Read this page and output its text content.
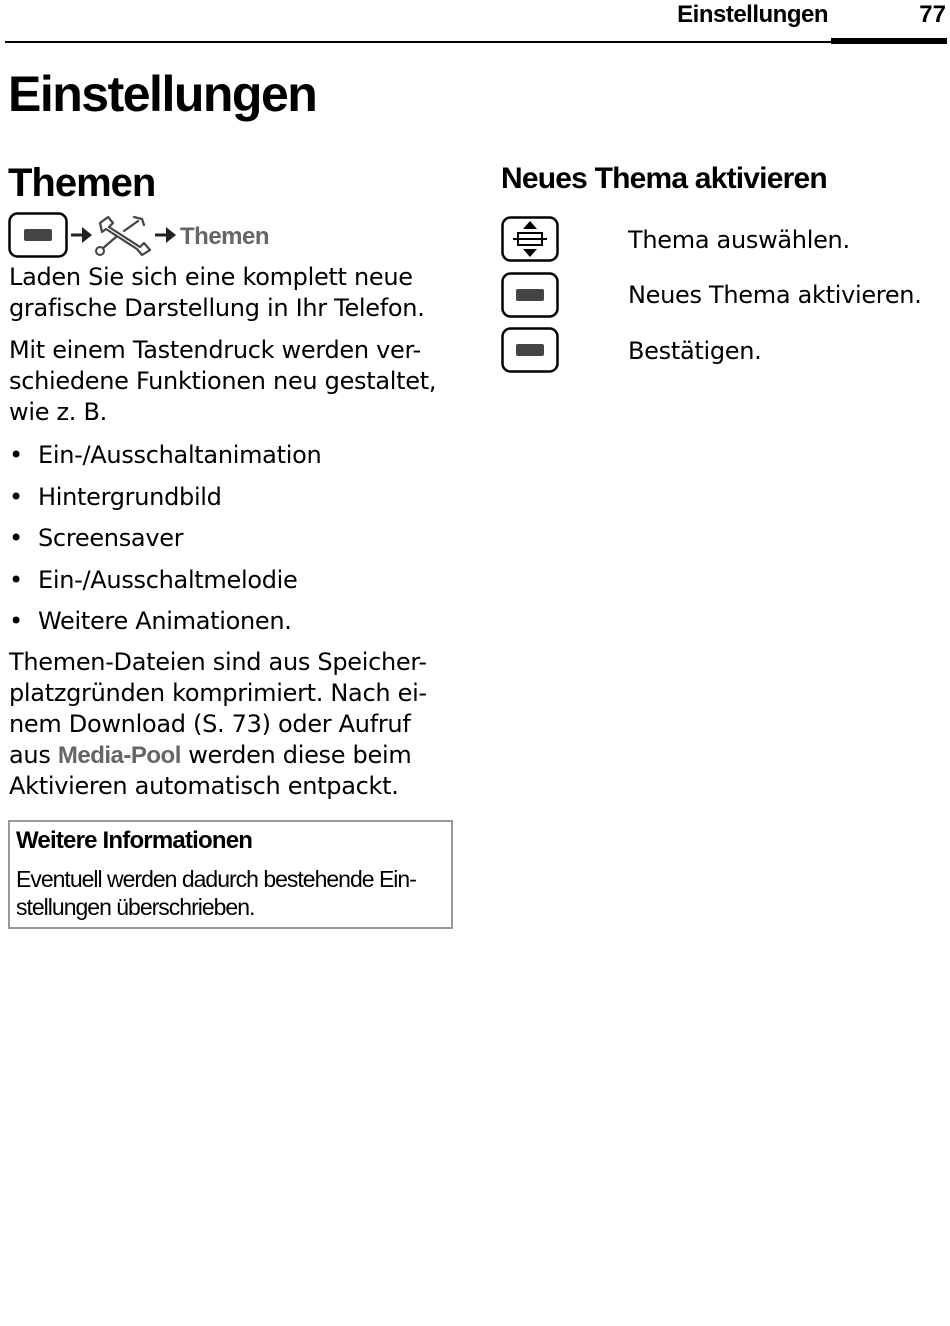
Einstellungen	77
Einstellungen
Themen
Themen

Laden Sie sich eine komplett neue

grafische Darstellung in Ihr Telefon.

Mit einem Tastendruck werden ver-

schiedene Funktionen neu gestaltet,

wie z. B.

• Ein-/Ausschaltanimation
• Hintergrundbild
• Screensaver
• Ein-/Ausschaltmelodie
• Weitere Animationen.

Themen-Dateien sind aus Speicher-

platzgründen komprimiert. Nach ei-

nem Download (S. 73) oder Aufruf

aus Media-Pool werden diese beim

Aktivieren automatisch entpackt.

Weitere Informationen
Eventuell werden dadurch bestehende Ein-
stellungen überschrieben.
Neues Thema aktivieren
Thema auswählen.
Neues Thema aktivieren.
Bestätigen.
